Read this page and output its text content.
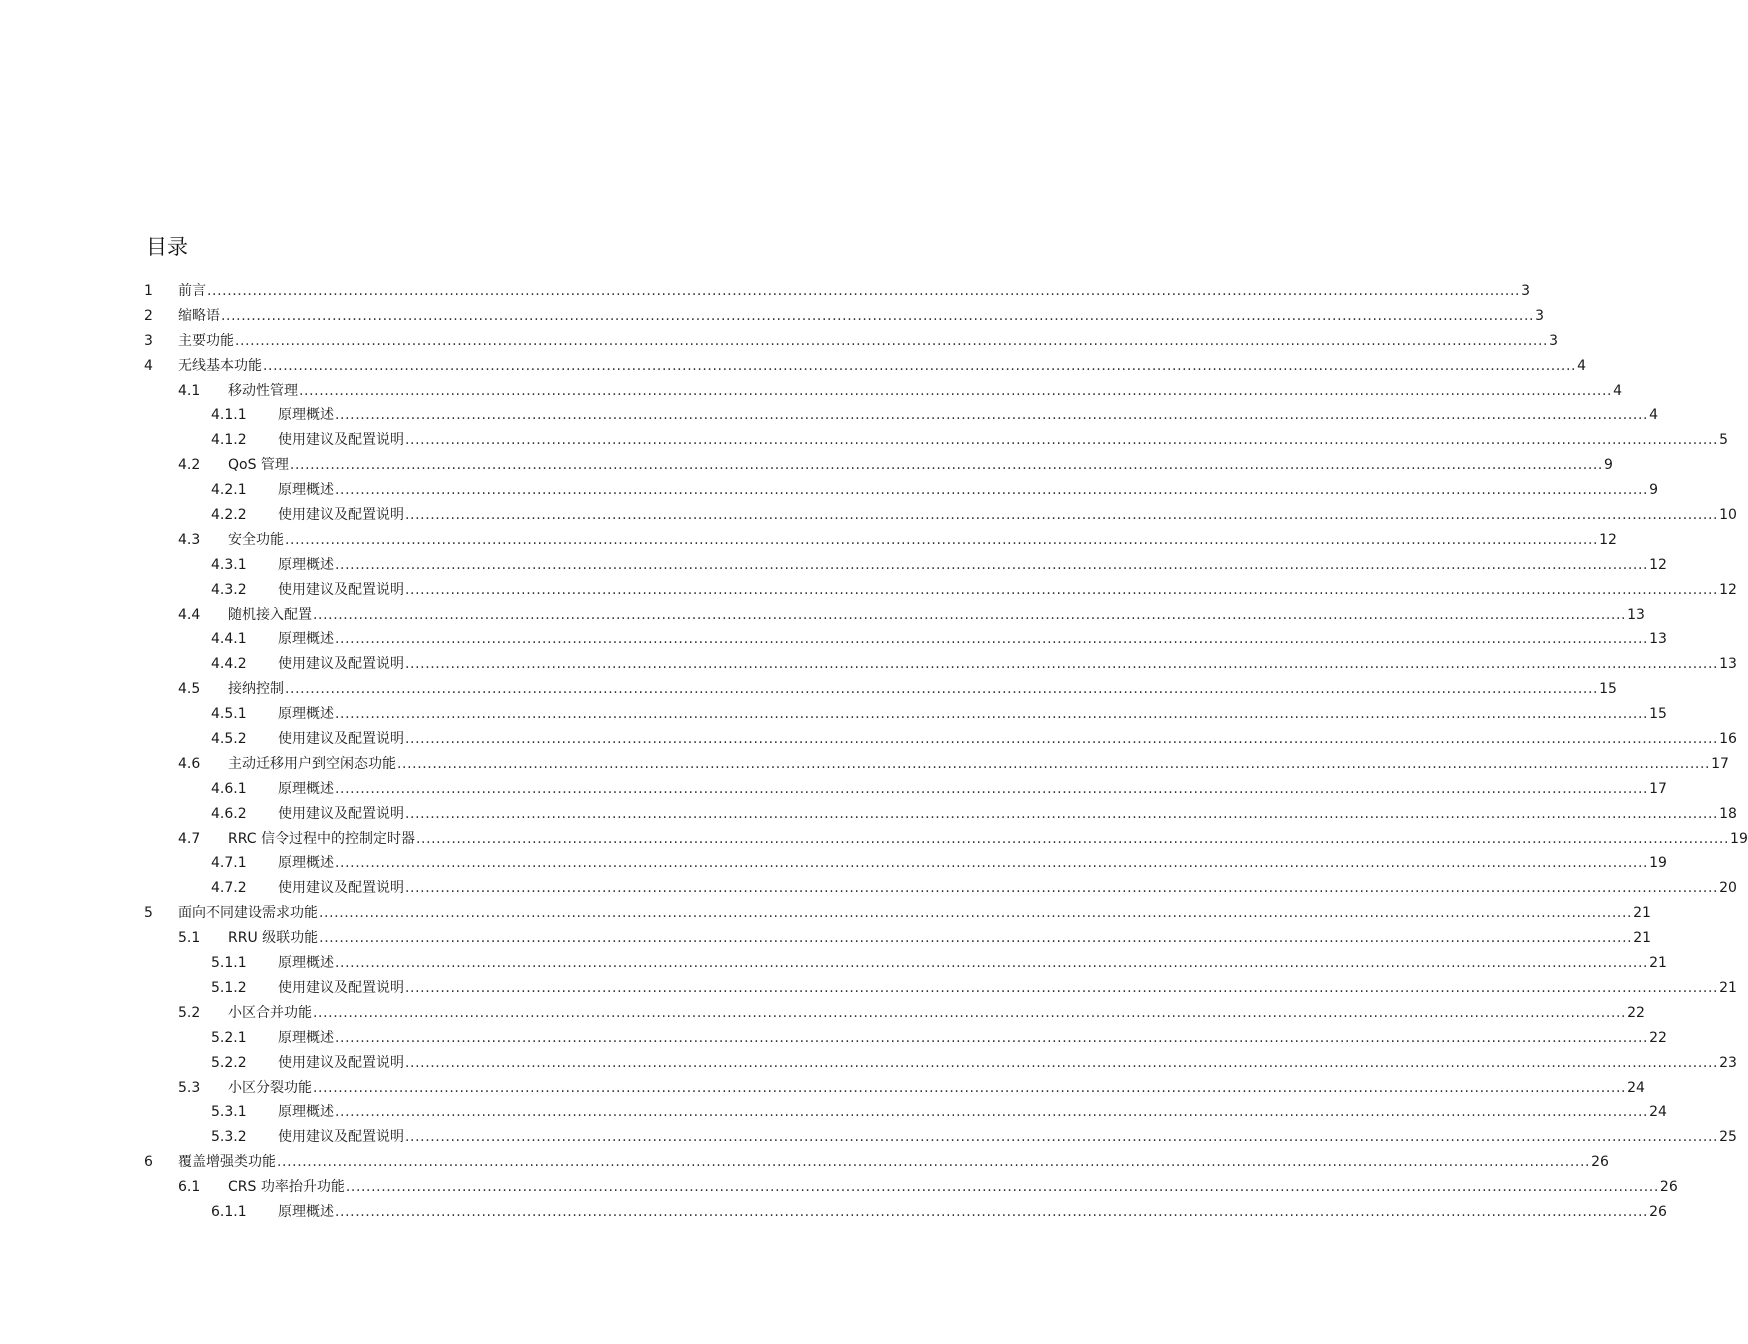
目录
1 前言 .................................................................................................................................................................................................................................................................... 3
2 缩略语 .................................................................................................................................................................................................................................................................... 3
3 主要功能 .................................................................................................................................................................................................................................................................... 3
4 无线基本功能 .................................................................................................................................................................................................................................................................... 4
4.1 移动性管理 .................................................................................................................................................................................................................................................................... 4
4.1.1 原理概述 .................................................................................................................................................................................................................................................................... 4
4.1.2 使用建议及配置说明 .................................................................................................................................................................................................................................................................... 5
4.2 QoS 管理 .................................................................................................................................................................................................................................................................... 9
4.2.1 原理概述 .................................................................................................................................................................................................................................................................... 9
4.2.2 使用建议及配置说明 .................................................................................................................................................................................................................................................................... 10
4.3 安全功能 .................................................................................................................................................................................................................................................................... 12
4.3.1 原理概述 .................................................................................................................................................................................................................................................................... 12
4.3.2 使用建议及配置说明 .................................................................................................................................................................................................................................................................... 12
4.4 随机接入配置 .................................................................................................................................................................................................................................................................... 13
4.4.1 原理概述 .................................................................................................................................................................................................................................................................... 13
4.4.2 使用建议及配置说明 .................................................................................................................................................................................................................................................................... 13
4.5 接纳控制 .................................................................................................................................................................................................................................................................... 15
4.5.1 原理概述 .................................................................................................................................................................................................................................................................... 15
4.5.2 使用建议及配置说明 .................................................................................................................................................................................................................................................................... 16
4.6 主动迁移用户到空闲态功能 .................................................................................................................................................................................................................................................................... 17
4.6.1 原理概述 .................................................................................................................................................................................................................................................................... 17
4.6.2 使用建议及配置说明 .................................................................................................................................................................................................................................................................... 18
4.7 RRC 信令过程中的控制定时器 .................................................................................................................................................................................................................................................................... 19
4.7.1 原理概述 .................................................................................................................................................................................................................................................................... 19
4.7.2 使用建议及配置说明 .................................................................................................................................................................................................................................................................... 20
5 面向不同建设需求功能 .................................................................................................................................................................................................................................................................... 21
5.1 RRU 级联功能 .................................................................................................................................................................................................................................................................... 21
5.1.1 原理概述 .................................................................................................................................................................................................................................................................... 21
5.1.2 使用建议及配置说明 .................................................................................................................................................................................................................................................................... 21
5.2 小区合并功能 .................................................................................................................................................................................................................................................................... 22
5.2.1 原理概述 .................................................................................................................................................................................................................................................................... 22
5.2.2 使用建议及配置说明 .................................................................................................................................................................................................................................................................... 23
5.3 小区分裂功能 .................................................................................................................................................................................................................................................................... 24
5.3.1 原理概述 .................................................................................................................................................................................................................................................................... 24
5.3.2 使用建议及配置说明 .................................................................................................................................................................................................................................................................... 25
6 覆盖增强类功能 .................................................................................................................................................................................................................................................................... 26
6.1 CRS 功率抬升功能 .................................................................................................................................................................................................................................................................... 26
6.1.1 原理概述 .................................................................................................................................................................................................................................................................... 26
